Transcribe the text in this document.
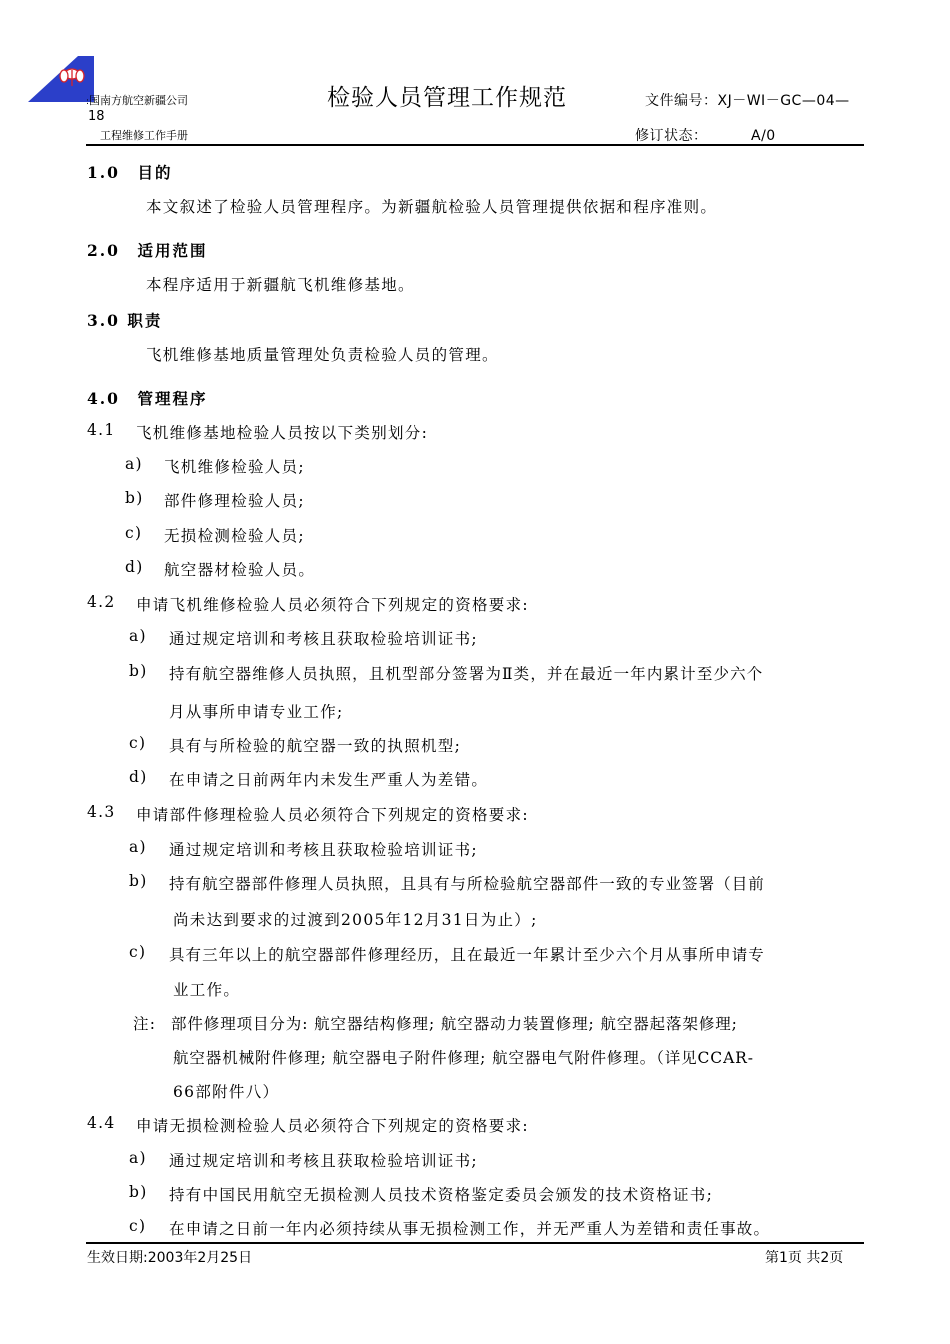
:国南方航空新疆公司
18
工程维修工作手册
检验人员管理工作规范	文件编号：XJ－WI－GC—04—
修订状态：	A/0
1.0　目的
本文叙述了检验人员管理程序。为新疆航检验人员管理提供依据和程序准则。
2.0　适用范围
本程序适用于新疆航飞机维修基地。
3.0 职责
飞机维修基地质量管理处负责检验人员的管理。
4.0　管理程序
4.1 飞机维修基地检验人员按以下类别划分:
a) 飞机维修检验人员;
b) 部件修理检验人员;
c) 无损检测检验人员;
d) 航空器材检验人员。
4.2 申请飞机维修检验人员必须符合下列规定的资格要求:
a) 通过规定培训和考核且获取检验培训证书;
b) 持有航空器维修人员执照，且机型部分签署为Ⅱ类，并在最近一年内累计至少六个
月从事所申请专业工作;
c) 具有与所检验的航空器一致的执照机型;
d) 在申请之日前两年内未发生严重人为差错。
4.3 申请部件修理检验人员必须符合下列规定的资格要求:
a) 通过规定培训和考核且获取检验培训证书;
b) 持有航空器部件修理人员执照，且具有与所检验航空器部件一致的专业签署（目前
尚未达到要求的过渡到2005年12月31日为止）;
c) 具有三年以上的航空器部件修理经历，且在最近一年累计至少六个月从事所申请专
业工作。
注: 部件修理项目分为: 航空器结构修理; 航空器动力装置修理; 航空器起落架修理;
航空器机械附件修理; 航空器电子附件修理; 航空器电气附件修理。（详见CCAR-
66部附件八）
4.4 申请无损检测检验人员必须符合下列规定的资格要求:
a) 通过规定培训和考核且获取检验培训证书;
b) 持有中国民用航空无损检测人员技术资格鉴定委员会颁发的技术资格证书;
c) 在申请之日前一年内必须持续从事无损检测工作，并无严重人为差错和责任事故。
生效日期:2003年2月25日	第1页 共2页
